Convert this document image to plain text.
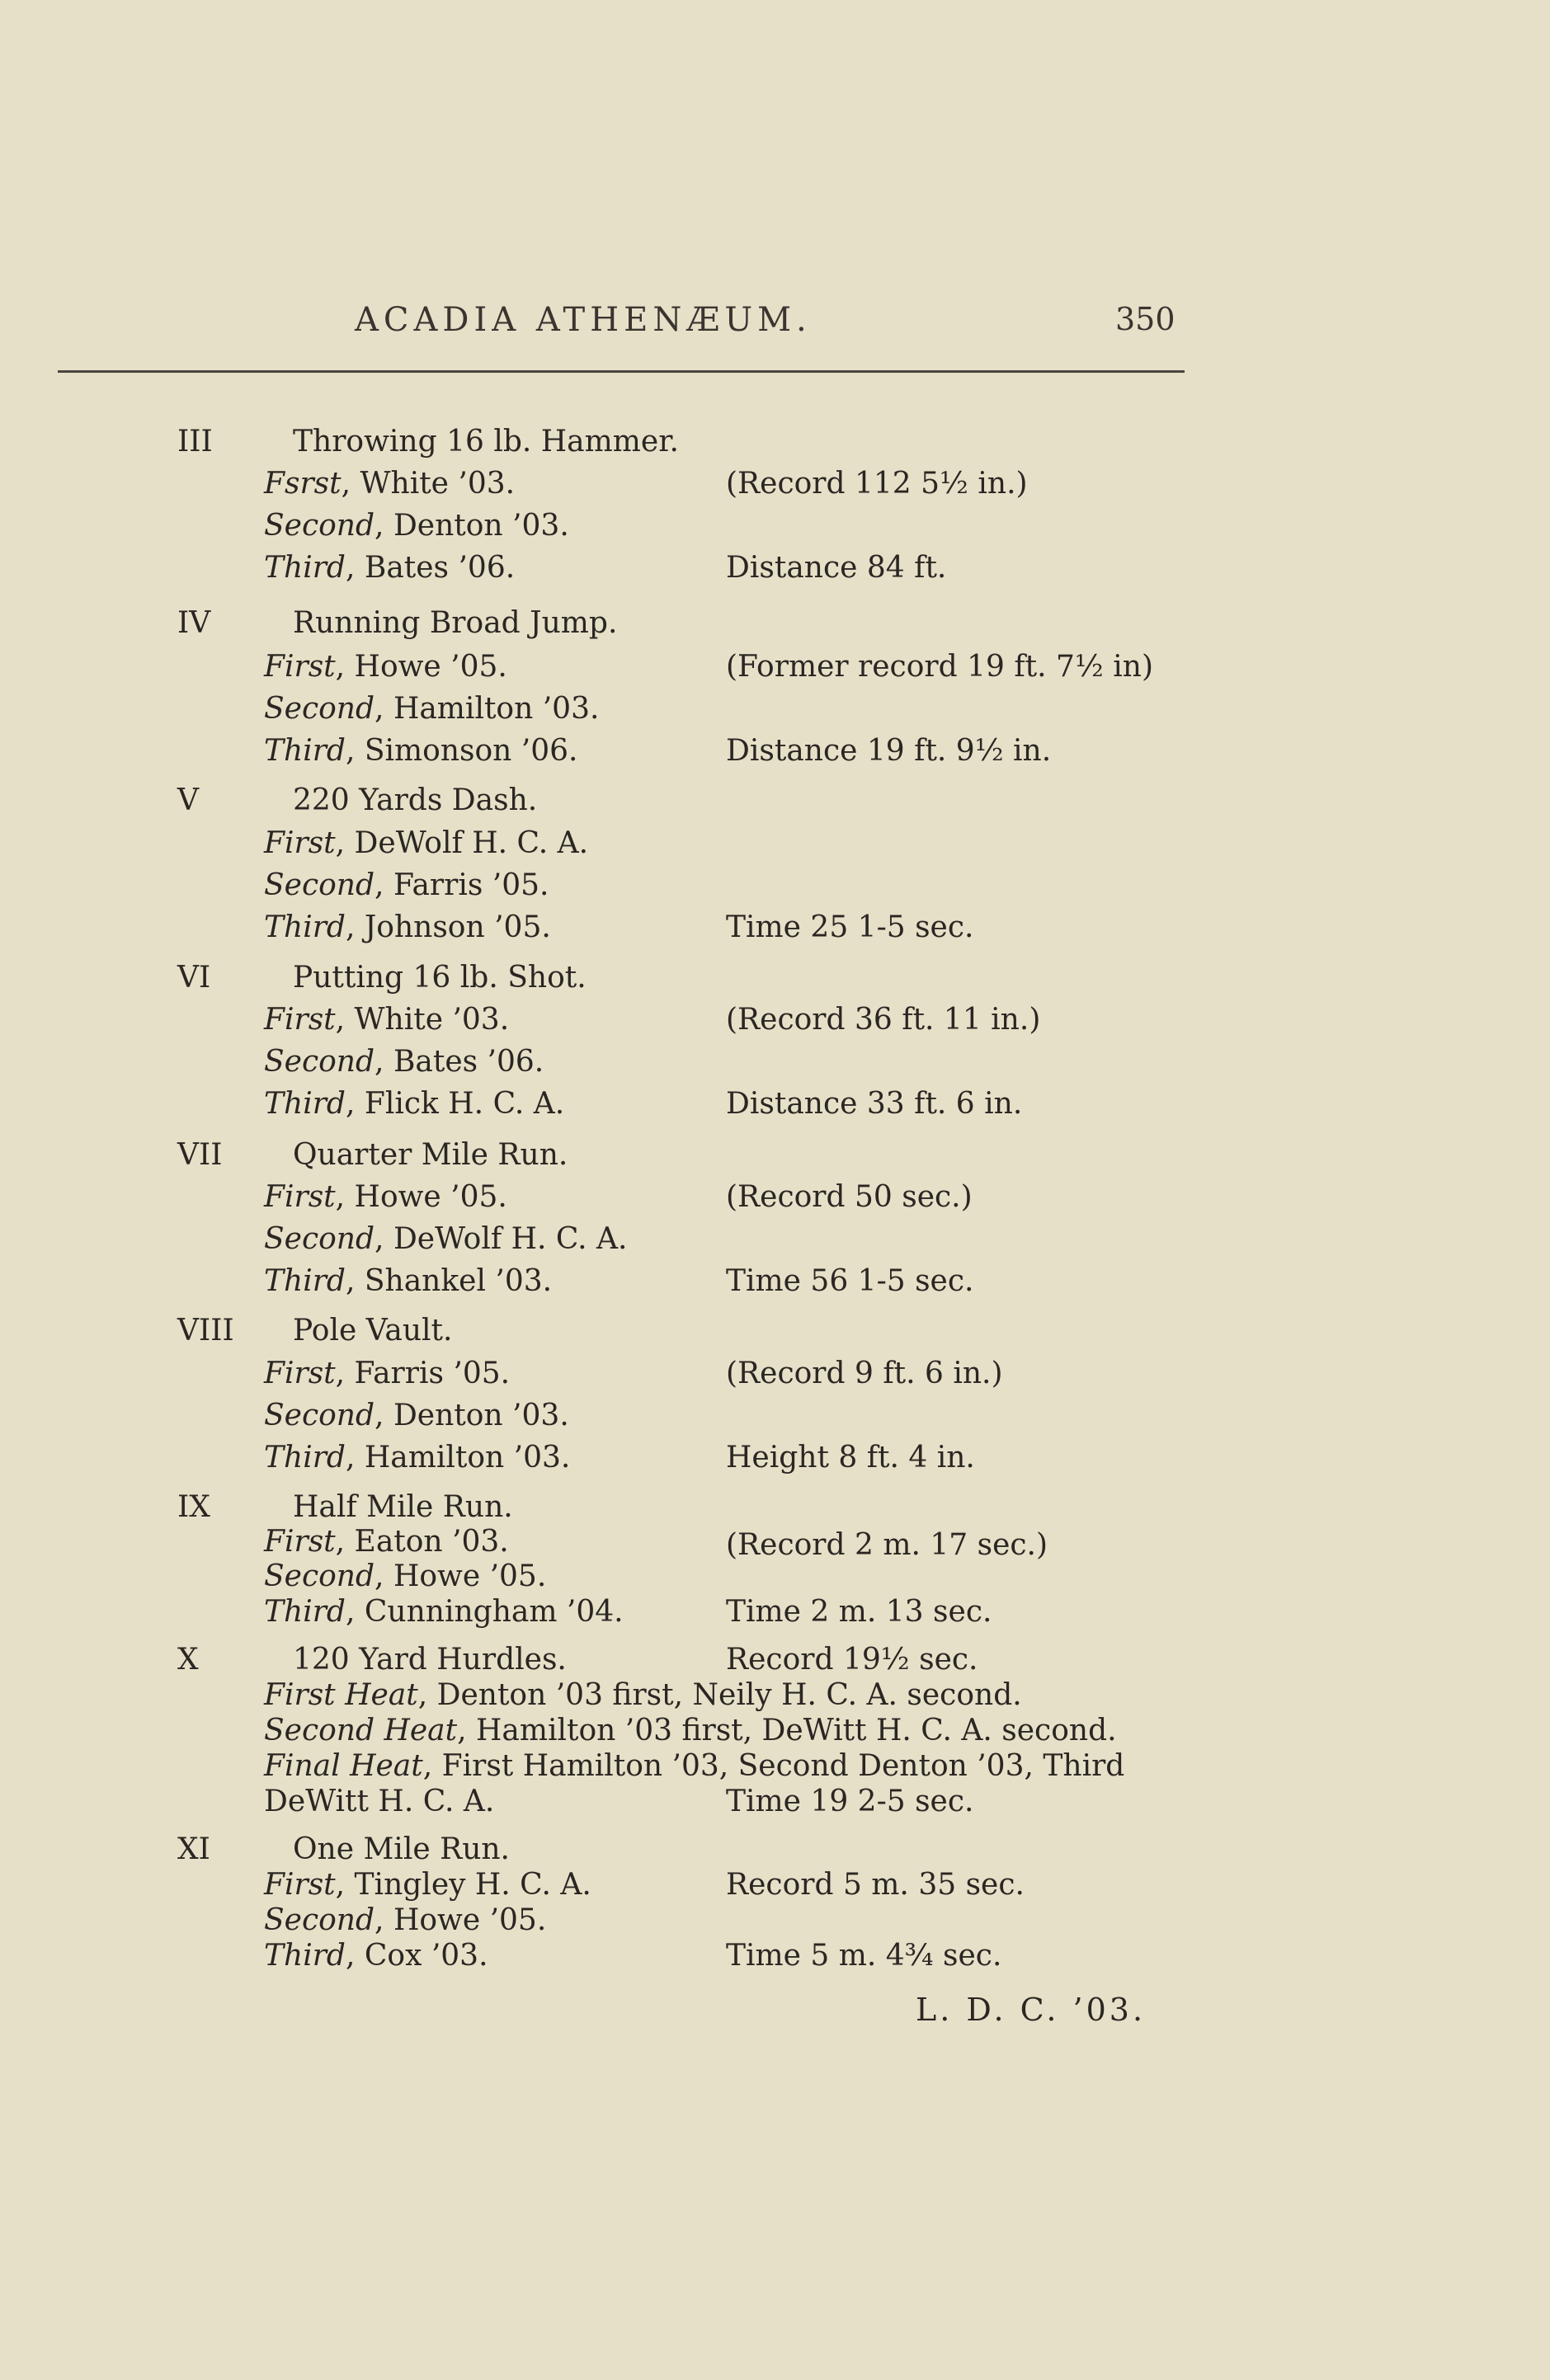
ACADIA ATHENÆUM.	350
III	Throwing 16 lb. Hammer.
Fsrst, White ’03.	(Record 112 5½ in.)
Second, Denton ’03.
Third, Bates ’06.	Distance 84 ft.
IV	Running Broad Jump.
First, Howe ’05.	(Former record 19 ft. 7½ in)
Second, Hamilton ’03.
Third, Simonson ’06.	Distance 19 ft. 9½ in.
V	220 Yards Dash.
First, DeWolf H. C. A.
Second, Farris ’05.
Third, Johnson ’05.	Time 25 1-5 sec.
VI	Putting 16 lb. Shot.
First, White ’03.	(Record 36 ft. 11 in.)
Second, Bates ’06.
Third, Flick H. C. A.	Distance 33 ft. 6 in.
VII Quarter Mile Run.
First, Howe ’05.	(Record 50 sec.)
Second, DeWolf H. C. A.
Third, Shankel ’03.	Time 56 1-5 sec.
VIII Pole Vault.
First, Farris ’05.	(Record 9 ft. 6 in.)
Second, Denton ’03.
Third, Hamilton ’03.	Height 8 ft. 4 in.
IX	Half Mile Run.
First, Eaton ’03.	(Record 2 m. 17 sec.)
Second, Howe ’05.
Third, Cunningham ’04.	Time 2 m. 13 sec.
X	120 Yard Hurdles.	Record 19½ sec.
First Heat, Denton ’03 first, Neily H. C. A. second.
Second Heat, Hamilton ’03 first, DeWitt H. C. A. second.
Final Heat, First Hamilton ’03, Second Denton ’03, Third
DeWitt H. C. A.	Time 19 2-5 sec.
XI	One Mile Run.
First, Tingley H. C. A.	Record 5 m. 35 sec.
Second, Howe ’05.
Third, Cox ’03.	Time 5 m. 4¾ sec.
L. D. C. ’03.
